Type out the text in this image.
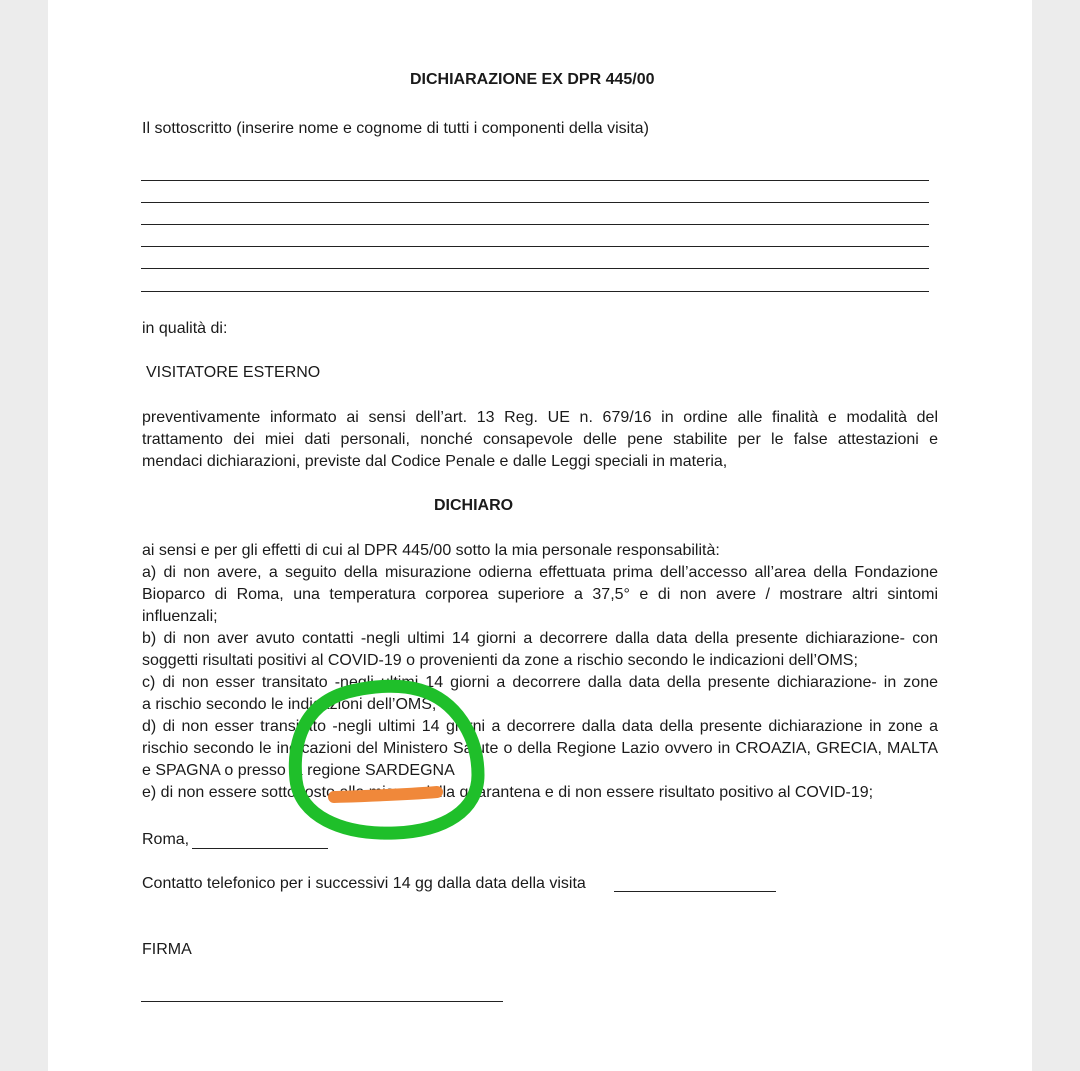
DICHIARAZIONE EX DPR 445/00
Il sottoscritto (inserire nome e cognome di tutti i componenti della visita)
in qualità di:
VISITATORE ESTERNO
preventivamente informato ai sensi dell’art. 13 Reg. UE n. 679/16 in ordine alle finalità e modalità del
trattamento dei miei dati personali, nonché consapevole delle pene stabilite per le false attestazioni e
mendaci dichiarazioni, previste dal Codice Penale e dalle Leggi speciali in materia,
DICHIARO
ai sensi e per gli effetti di cui al DPR 445/00 sotto la mia personale responsabilità:
a) di non avere, a seguito della misurazione odierna effettuata prima dell’accesso all’area della Fondazione
Bioparco di Roma, una temperatura corporea superiore a 37,5° e di non avere / mostrare altri sintomi
influenzali;
b) di non aver avuto contatti -negli ultimi 14 giorni a decorrere dalla data della presente dichiarazione- con
soggetti risultati positivi al COVID-19 o provenienti da zone a rischio secondo le indicazioni dell’OMS;
c) di non esser transitato -negli ultimi 14 giorni a decorrere dalla data della presente dichiarazione- in zone
a rischio secondo le indicazioni dell’OMS;
d) di non esser transitato -negli ultimi 14 giorni a decorrere dalla data della presente dichiarazione in zone a
rischio secondo le indicazioni del Ministero Salute o della Regione Lazio ovvero in CROAZIA, GRECIA, MALTA
e SPAGNA o presso la regione SARDEGNA
e) di non essere sottoposto alla misura della quarantena e di non essere risultato positivo al COVID-19;
Roma,
Contatto telefonico per i successivi 14 gg dalla data della visita
FIRMA
